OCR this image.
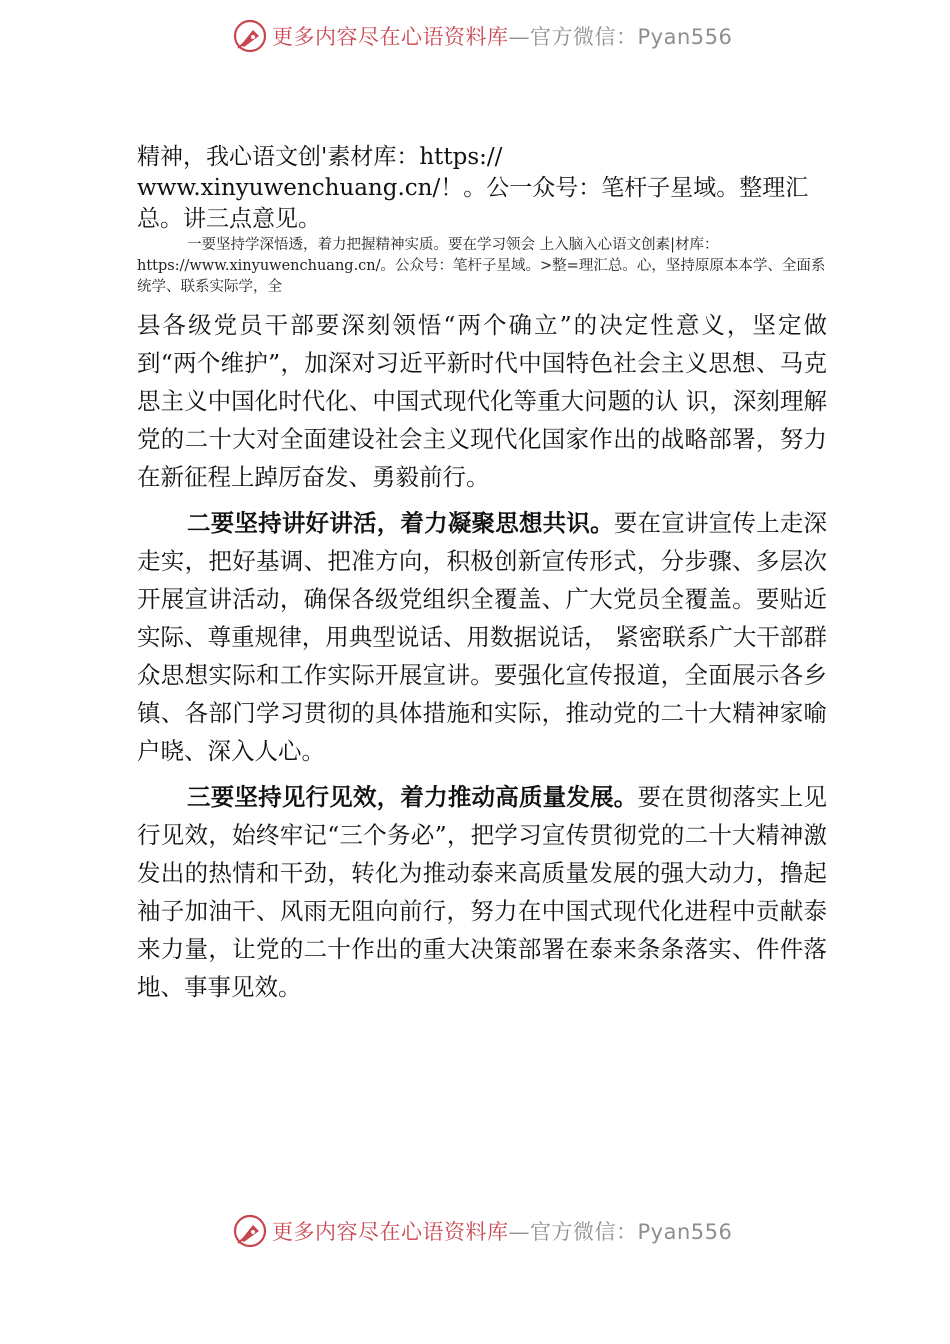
更多内容尽在心语资料库—官方微信：Pyan556

精神，我心语文创'素材库：https://

www.xinyuwenchuang.cn/！。公一众号：笔杆子星域。整理汇

总。讲三点意见。

一要坚持学深悟透，着力把握精神实质。要在学习领会 上入脑入心语文创素|材库：https://www.xinyuwenchuang.cn/。公众号：笔杆子星域。>整=理汇总。心，坚持原原本本学、全面系统学、联系实际学，全

县各级党员干部要深刻领悟“两个确立”的决定性意义，坚定做到“两个维护”，加深对习近平新时代中国特色社会主义思想、马克思主义中国化时代化、中国式现代化等重大问题的认 识，深刻理解党的二十大对全面建设社会主义现代化国家作出的战略部署，努力在新征程上踔厉奋发、勇毅前行。

二要坚持讲好讲活，着力凝聚思想共识。要在宣讲宣传上走深走实，把好基调、把准方向，积极创新宣传形式，分步骤、多层次开展宣讲活动，确保各级党组织全覆盖、广大党员全覆盖。要贴近实际、尊重规律，用典型说话、用数据说话， 紧密联系广大干部群众思想实际和工作实际开展宣讲。要强化宣传报道，全面展示各乡镇、各部门学习贯彻的具体措施和实际，推动党的二十大精神家喻户晓、深入人心。

三要坚持见行见效，着力推动高质量发展。要在贯彻落实上见行见效，始终牢记“三个务必”，把学习宣传贯彻党的二十大精神激发出的热情和干劲，转化为推动泰来高质量发展的强大动力，撸起袖子加油干、风雨无阻向前行，努力在中国式现代化进程中贡献泰来力量，让党的二十作出的重大决策部署在泰来条条落实、件件落地、事事见效。

更多内容尽在心语资料库—官方微信：Pyan556
